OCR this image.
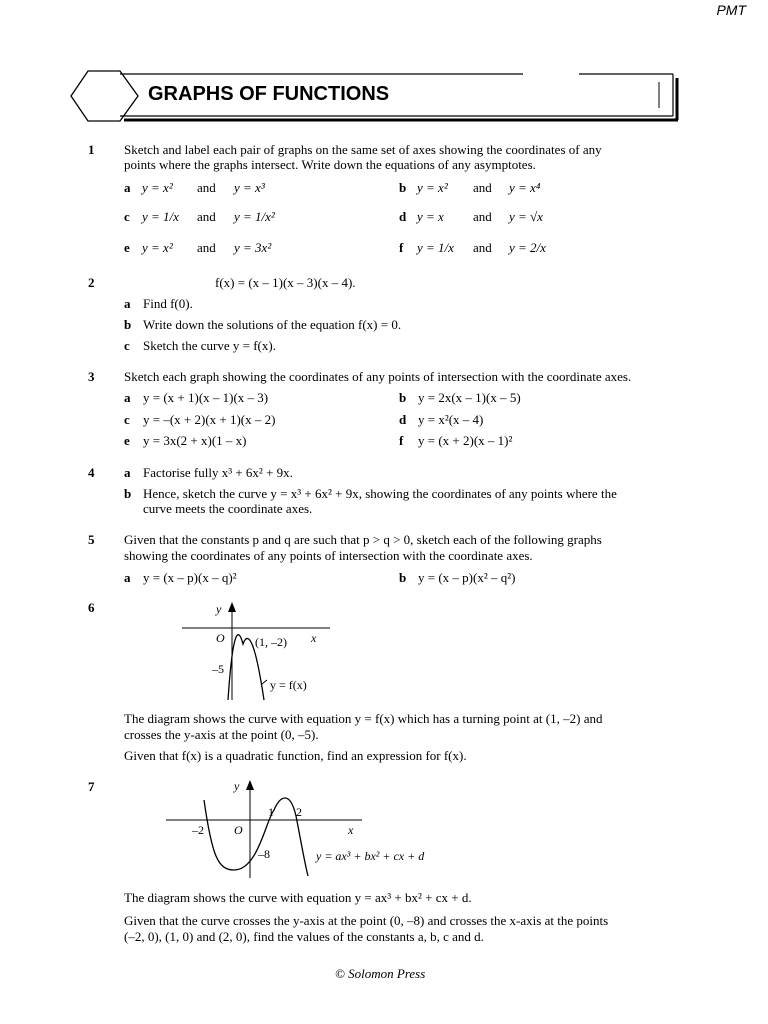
PMT
GRAPHS OF FUNCTIONS
1 Sketch and label each pair of graphs on the same set of axes showing the coordinates of any
points where the graphs intersect. Write down the equations of any asymptotes.
a y = x² and y = x³	b y = x² and y = x⁴
c y = 1/x and y = 1/x²	d y = x and y = √x
e y = x² and y = 3x²	f y = 1/x and y = 2/x
2	f(x) = (x – 1)(x – 3)(x – 4).
a Find f(0).
b Write down the solutions of the equation f(x) = 0.
c Sketch the curve y = f(x).
3 Sketch each graph showing the coordinates of any points of intersection with the coordinate axes.
a y = (x + 1)(x – 1)(x – 3)	b y = 2x(x – 1)(x – 5)
c y = –(x + 2)(x + 1)(x – 2)	d y = x²(x – 4)
e y = 3x(2 + x)(1 – x)	f y = (x + 2)(x – 1)²
4 a Factorise fully x³ + 6x² + 9x.
b Hence, sketch the curve y = x³ + 6x² + 9x, showing the coordinates of any points where the
curve meets the coordinate axes.
5 Given that the constants p and q are such that p > q > 0, sketch each of the following graphs
showing the coordinates of any points of intersection with the coordinate axes.
a y = (x – p)(x – q)²	b y = (x – p)(x² – q²)
6	y
x
O	(1, –2)
–5
y = f(x)
The diagram shows the curve with equation y = f(x) which has a turning point at (1, –2) and
crosses the y-axis at the point (0, –5).
Given that f(x) is a quadratic function, find an expression for f(x).
7	y
x
O
–2
1 2
–8	y = ax³ + bx² + cx + d
The diagram shows the curve with equation y = ax³ + bx² + cx + d.
Given that the curve crosses the y-axis at the point (0, –8) and crosses the x-axis at the points
(–2, 0), (1, 0) and (2, 0), find the values of the constants a, b, c and d.
© Solomon Press
